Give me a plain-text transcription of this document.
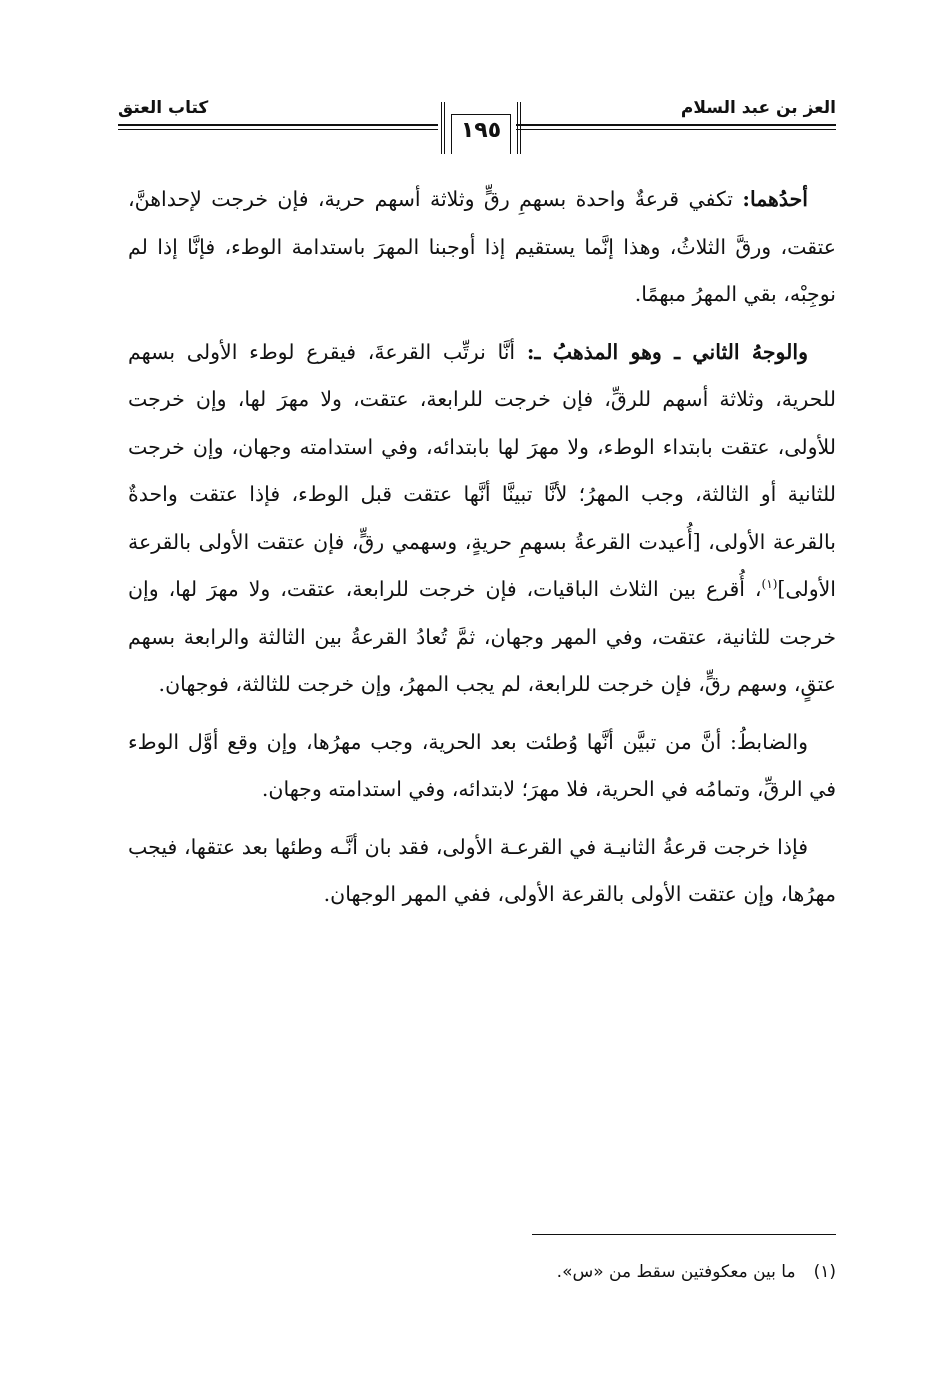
العز بن عبد السلام
كتاب العتق
١٩٥

أحدُهما: تكفي قرعةٌ واحدة بسهمِ رقٍّ وثلاثة أسهم حرية، فإن خرجت لإحداهنَّ، عتقت، ورقَّ الثلاثُ، وهذا إنَّما يستقيم إذا أوجبنا المهرَ باستدامة الوطء، فإنَّا إذا لم نوجِبْه، بقي المهرُ مبهمًا.

والوجهُ الثاني ـ وهو المذهبُ ـ: أنَّا نرتِّب القرعةَ، فيقرع لوطء الأولى بسهم للحرية، وثلاثة أسهم للرقِّ، فإن خرجت للرابعة، عتقت، ولا مهرَ لها، وإن خرجت للأولى، عتقت بابتداء الوطء، ولا مهرَ لها بابتدائه، وفي استدامته وجهان، وإن خرجت للثانية أو الثالثة، وجب المهرُ؛ لأنَّا تبينَّا أنَّها عتقت قبل الوطء، فإذا عتقت واحدةٌ بالقرعة الأولى، [أُعيدت القرعةُ بسهمِ حريةٍ، وسهمي رقٍّ، فإن عتقت الأولى بالقرعة الأولى]$^{(١)}$، أُقرع بين الثلاث الباقيات، فإن خرجت للرابعة، عتقت، ولا مهرَ لها، وإن خرجت للثانية، عتقت، وفي المهر وجهان، ثمَّ تُعادُ القرعةُ بين الثالثة والرابعة بسهم عتقٍ، وسهم رقٍّ، فإن خرجت للرابعة، لم يجب المهرُ، وإن خرجت للثالثة، فوجهان.

والضابطُ: أنَّ من تبيَّن أنَّها وُطئت بعد الحرية، وجب مهرُها، وإن وقع أوَّل الوطء في الرقِّ، وتمامُه في الحرية، فلا مهرَ؛ لابتدائه، وفي استدامته وجهان.

فإذا خرجت قرعةُ الثانيـة في القرعـة الأولى، فقد بان أنَّـه وطئها بعد عتقها، فيجب مهرُها، وإن عتقت الأولى بالقرعة الأولى، ففي المهر الوجهان.

(١)ما بين معكوفتين سقط من «س».
